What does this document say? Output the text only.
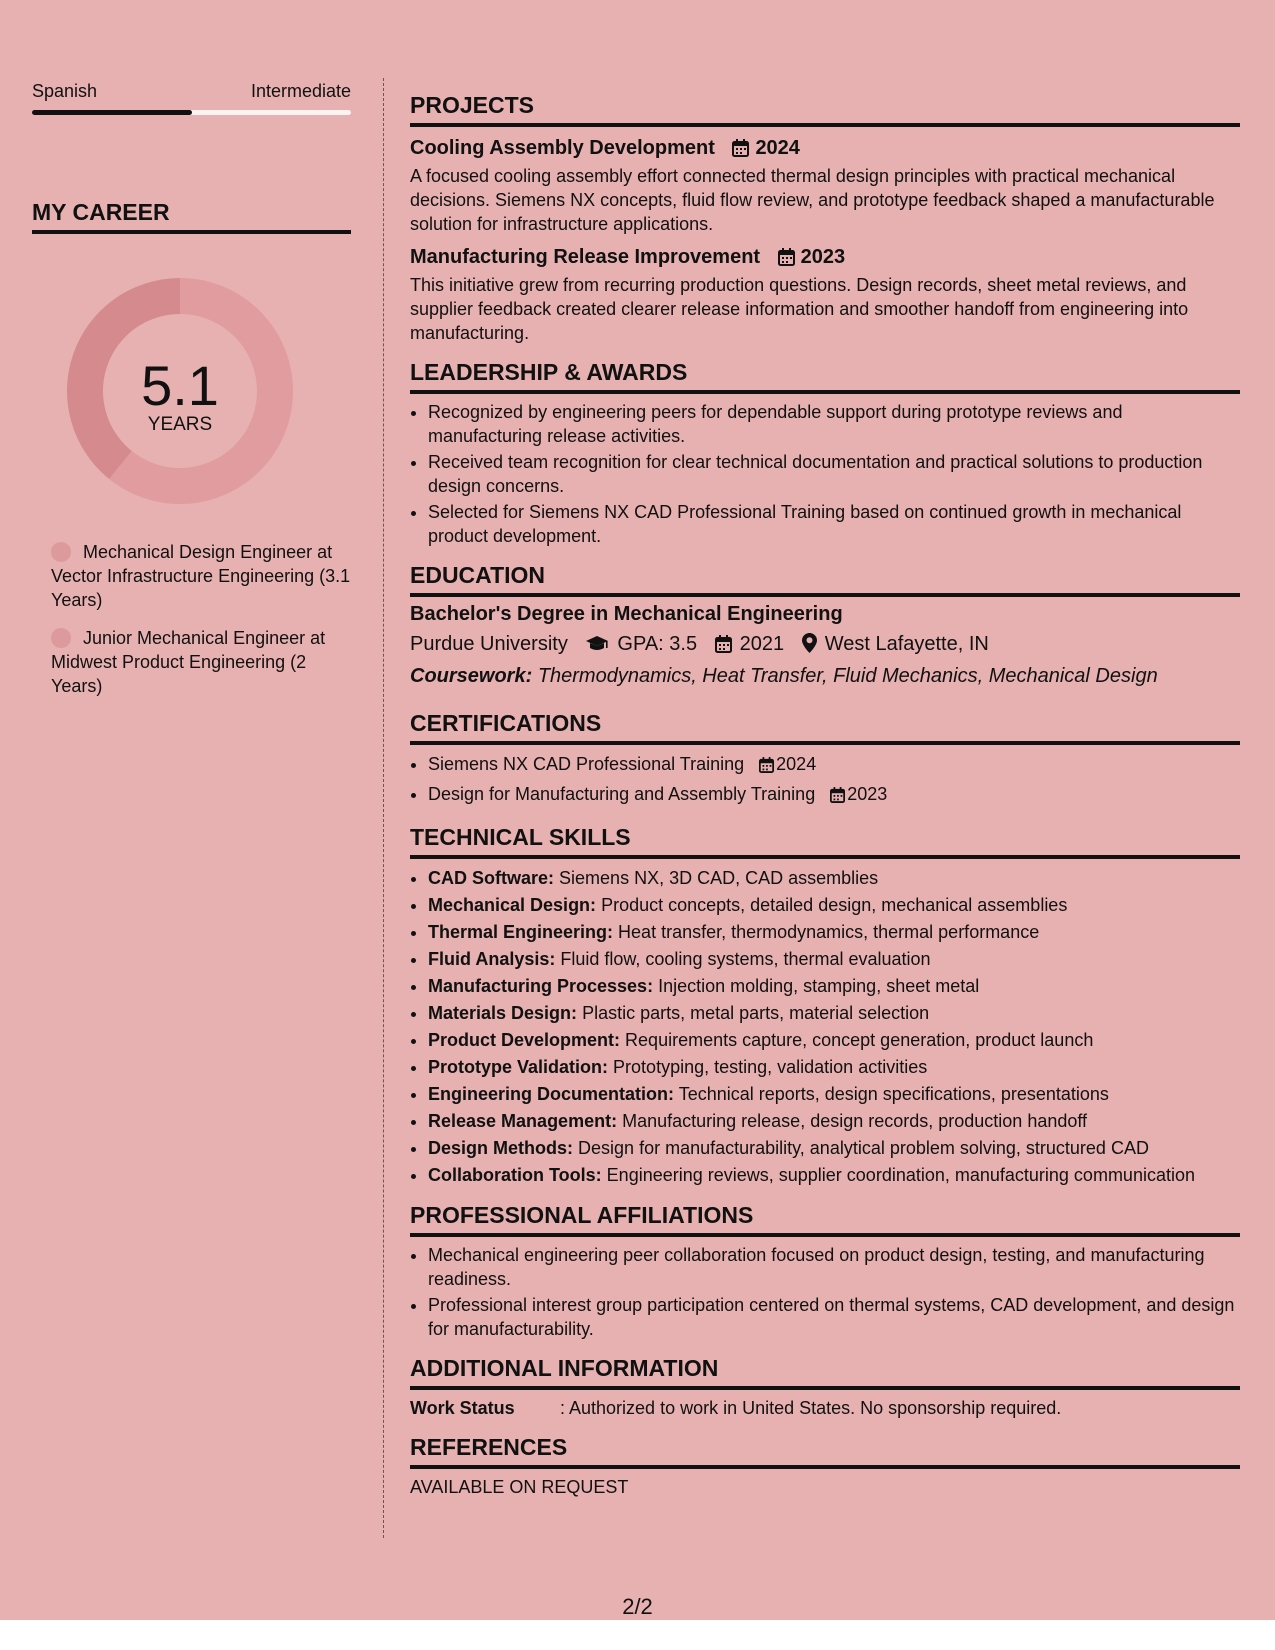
Spanish	Intermediate
MY CAREER
5.1
YEARS
Mechanical Design Engineer at Vector Infrastructure Engineering (3.1 Years)
Junior Mechanical Engineer at Midwest Product Engineering (2 Years)
PROJECTS
Cooling Assembly Development 2024
A focused cooling assembly effort connected thermal design principles with practical mechanical decisions. Siemens NX concepts, fluid flow review, and prototype feedback shaped a manufacturable solution for infrastructure applications.
Manufacturing Release Improvement 2023
This initiative grew from recurring production questions. Design records, sheet metal reviews, and supplier feedback created clearer release information and smoother handoff from engineering into manufacturing.
LEADERSHIP & AWARDS
• Recognized by engineering peers for dependable support during prototype reviews and manufacturing release activities.
• Received team recognition for clear technical documentation and practical solutions to production design concerns.
• Selected for Siemens NX CAD Professional Training based on continued growth in mechanical product development.
EDUCATION
Bachelor's Degree in Mechanical Engineering
Purdue University GPA: 3.5 2021 West Lafayette, IN
Coursework: Thermodynamics, Heat Transfer, Fluid Mechanics, Mechanical Design
CERTIFICATIONS
• Siemens NX CAD Professional Training 2024
• Design for Manufacturing and Assembly Training 2023
TECHNICAL SKILLS
• CAD Software: Siemens NX, 3D CAD, CAD assemblies
• Mechanical Design: Product concepts, detailed design, mechanical assemblies
• Thermal Engineering: Heat transfer, thermodynamics, thermal performance
• Fluid Analysis: Fluid flow, cooling systems, thermal evaluation
• Manufacturing Processes: Injection molding, stamping, sheet metal
• Materials Design: Plastic parts, metal parts, material selection
• Product Development: Requirements capture, concept generation, product launch
• Prototype Validation: Prototyping, testing, validation activities
• Engineering Documentation: Technical reports, design specifications, presentations
• Release Management: Manufacturing release, design records, production handoff
• Design Methods: Design for manufacturability, analytical problem solving, structured CAD
• Collaboration Tools: Engineering reviews, supplier coordination, manufacturing communication
PROFESSIONAL AFFILIATIONS
• Mechanical engineering peer collaboration focused on product design, testing, and manufacturing readiness.
• Professional interest group participation centered on thermal systems, CAD development, and design for manufacturability.
ADDITIONAL INFORMATION
Work Status	: Authorized to work in United States. No sponsorship required.
REFERENCES
AVAILABLE ON REQUEST
2/2
